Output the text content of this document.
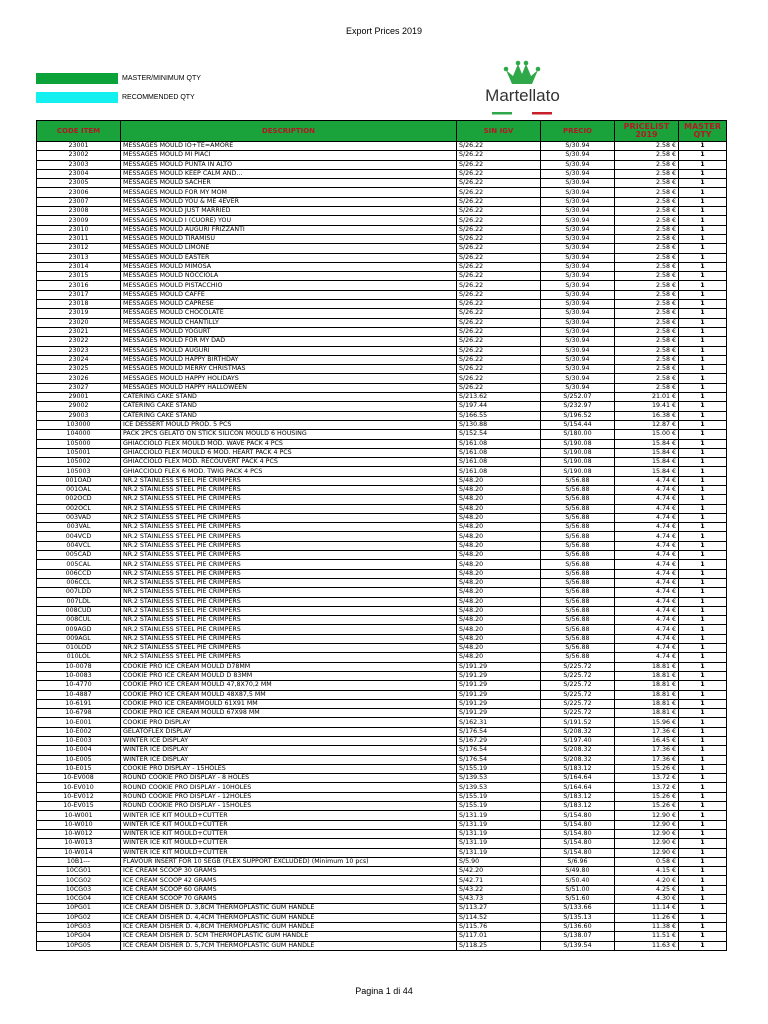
Export Prices 2019
MASTER/MINIMUM QTY
RECOMMENDED QTY	Martellato
CODE ITEM	DESCRIPTION	SIN IGV	PRECIO	PRICELIST 2019	MASTER QTY
23001	MESSAGES MOULD IO+TE=AMORE	S/26.22	S/30.94	2.58 €	1
23002	MESSAGES MOULD MI PIACI	S/26.22	S/30.94	2.58 €	1
23003	MESSAGES MOULD PUNTA IN ALTO	S/26.22	S/30.94	2.58 €	1
23004	MESSAGES MOULD KEEP CALM AND...	S/26.22	S/30.94	2.58 €	1
23005	MESSAGES MOULD SACHER	S/26.22	S/30.94	2.58 €	1
23006	MESSAGES MOULD FOR MY MOM	S/26.22	S/30.94	2.58 €	1
23007	MESSAGES MOULD YOU & ME 4EVER	S/26.22	S/30.94	2.58 €	1
23008	MESSAGES MOULD JUST MARRIED	S/26.22	S/30.94	2.58 €	1
23009	MESSAGES MOULD I (CUORE) YOU	S/26.22	S/30.94	2.58 €	1
23010	MESSAGES MOULD AUGURI FRIZZANTI	S/26.22	S/30.94	2.58 €	1
23011	MESSAGES MOULD TIRAMISU	S/26.22	S/30.94	2.58 €	1
23012	MESSAGES MOULD LIMONE	S/26.22	S/30.94	2.58 €	1
23013	MESSAGES MOULD EASTER	S/26.22	S/30.94	2.58 €	1
23014	MESSAGES MOULD MIMOSA	S/26.22	S/30.94	2.58 €	1
23015	MESSAGES MOULD NOCCIOLA	S/26.22	S/30.94	2.58 €	1
23016	MESSAGES MOULD PISTACCHIO	S/26.22	S/30.94	2.58 €	1
23017	MESSAGES MOULD CAFFÈ	S/26.22	S/30.94	2.58 €	1
23018	MESSAGES MOULD CAPRESE	S/26.22	S/30.94	2.58 €	1
23019	MESSAGES MOULD CHOCOLATE	S/26.22	S/30.94	2.58 €	1
23020	MESSAGES MOULD CHANTILLY	S/26.22	S/30.94	2.58 €	1
23021	MESSAGES MOULD YOGURT	S/26.22	S/30.94	2.58 €	1
23022	MESSAGES MOULD FOR MY DAD	S/26.22	S/30.94	2.58 €	1
23023	MESSAGES MOULD AUGURI	S/26.22	S/30.94	2.58 €	1
23024	MESSAGES MOULD HAPPY BIRTHDAY	S/26.22	S/30.94	2.58 €	1
23025	MESSAGES MOULD MERRY CHRISTMAS	S/26.22	S/30.94	2.58 €	1
23026	MESSAGES MOULD HAPPY HOLIDAYS	S/26.22	S/30.94	2.58 €	1
23027	MESSAGES MOULD HAPPY HALLOWEEN	S/26.22	S/30.94	2.58 €	1
29001	CATERING CAKE STAND	S/213.62	S/252.07	21.01 €	1
29002	CATERING CAKE STAND	S/197.44	S/232.97	19.41 €	1
29003	CATERING CAKE STAND	S/166.55	S/196.52	16.38 €	1
103000	ICE DESSERT MOULD PROD. 5 PCS	S/130.88	S/154.44	12.87 €	1
104000	PACK 2PCS GELATO ON STICK SILICON MOULD 6 HOUSING	S/152.54	S/180.00	15.00 €	1
105000	GHIACCIOLO FLEX MOULD MOD. WAVE PACK 4 PCS	S/161.08	S/190.08	15.84 €	1
105001	GHIACCIOLO FLEX MOULD 6 MOD. HEART PACK 4 PCS	S/161.08	S/190.08	15.84 €	1
105002	GHIACCIOLO FLEX MOD. RECOUVERT PACK 4 PCS	S/161.08	S/190.08	15.84 €	1
105003	GHIACCIOLO FLEX 6 MOD. TWIG PACK 4 PCS	S/161.08	S/190.08	15.84 €	1
001OAD	NR.2 STAINLESS STEEL PIE CRIMPERS	S/48.20	S/56.88	4.74 €	1
001OAL	NR.2 STAINLESS STEEL PIE CRIMPERS	S/48.20	S/56.88	4.74 €	1
002OCD	NR.2 STAINLESS STEEL PIE CRIMPERS	S/48.20	S/56.88	4.74 €	1
002OCL	NR.2 STAINLESS STEEL PIE CRIMPERS	S/48.20	S/56.88	4.74 €	1
003VAD	NR.2 STAINLESS STEEL PIE CRIMPERS	S/48.20	S/56.88	4.74 €	1
003VAL	NR.2 STAINLESS STEEL PIE CRIMPERS	S/48.20	S/56.88	4.74 €	1
004VCD	NR.2 STAINLESS STEEL PIE CRIMPERS	S/48.20	S/56.88	4.74 €	1
004VCL	NR.2 STAINLESS STEEL PIE CRIMPERS	S/48.20	S/56.88	4.74 €	1
005CAD	NR.2 STAINLESS STEEL PIE CRIMPERS	S/48.20	S/56.88	4.74 €	1
005CAL	NR.2 STAINLESS STEEL PIE CRIMPERS	S/48.20	S/56.88	4.74 €	1
006CCD	NR.2 STAINLESS STEEL PIE CRIMPERS	S/48.20	S/56.88	4.74 €	1
006CCL	NR.2 STAINLESS STEEL PIE CRIMPERS	S/48.20	S/56.88	4.74 €	1
007LDD	NR.2 STAINLESS STEEL PIE CRIMPERS	S/48.20	S/56.88	4.74 €	1
007LDL	NR.2 STAINLESS STEEL PIE CRIMPERS	S/48.20	S/56.88	4.74 €	1
008CUD	NR.2 STAINLESS STEEL PIE CRIMPERS	S/48.20	S/56.88	4.74 €	1
008CUL	NR.2 STAINLESS STEEL PIE CRIMPERS	S/48.20	S/56.88	4.74 €	1
009AGD	NR.2 STAINLESS STEEL PIE CRIMPERS	S/48.20	S/56.88	4.74 €	1
009AGL	NR.2 STAINLESS STEEL PIE CRIMPERS	S/48.20	S/56.88	4.74 €	1
010LOD	NR.2 STAINLESS STEEL PIE CRIMPERS	S/48.20	S/56.88	4.74 €	1
010LOL	NR.2 STAINLESS STEEL PIE CRIMPERS	S/48.20	S/56.88	4.74 €	1
10-0078	COOKIE PRO ICE CREAM MOULD D78MM	S/191.29	S/225.72	18.81 €	1
10-0083	COOKIE PRO ICE CREAM MOULD D 83MM	S/191.29	S/225.72	18.81 €	1
10-4770	COOKIE PRO ICE CREAM MOULD 47,8X70,2 MM	S/191.29	S/225.72	18.81 €	1
10-4887	COOKIE PRO ICE CREAM MOULD 48X87,5 MM	S/191.29	S/225.72	18.81 €	1
10-6191	COOKIE PRO ICE CREAMMOULD 61X91 MM	S/191.29	S/225.72	18.81 €	1
10-6798	COOKIE PRO ICE CREAM MOULD 67X98 MM	S/191.29	S/225.72	18.81 €	1
10-E001	COOKIE PRO DISPLAY	S/162.31	S/191.52	15.96 €	1
10-E002	GELATOFLEX DISPLAY	S/176.54	S/208.32	17.36 €	1
10-E003	WINTER ICE DISPLAY	S/167.29	S/197.40	16.45 €	1
10-E004	WINTER ICE DISPLAY	S/176.54	S/208.32	17.36 €	1
10-E005	WINTER ICE DISPLAY	S/176.54	S/208.32	17.36 €	1
10-E015	COOKIE PRO DISPLAY - 15HOLES	S/155.19	S/183.12	15.26 €	1
10-EV008	ROUND COOKIE PRO DISPLAY - 8 HOLES	S/139.53	S/164.64	13.72 €	1
10-EV010	ROUND COOKIE PRO DISPLAY - 10HOLES	S/139.53	S/164.64	13.72 €	1
10-EV012	ROUND COOKIE PRO DISPLAY - 12HOLES	S/155.19	S/183.12	15.26 €	1
10-EV015	ROUND COOKIE PRO DISPLAY - 15HOLES	S/155.19	S/183.12	15.26 €	1
10-W001	WINTER ICE KIT MOULD+CUTTER	S/131.19	S/154.80	12.90 €	1
10-W010	WINTER ICE KIT MOULD+CUTTER	S/131.19	S/154.80	12.90 €	1
10-W012	WINTER ICE KIT MOULD+CUTTER	S/131.19	S/154.80	12.90 €	1
10-W013	WINTER ICE KIT MOULD+CUTTER	S/131.19	S/154.80	12.90 €	1
10-W014	WINTER ICE KIT MOULD+CUTTER	S/131.19	S/154.80	12.90 €	1
10B1---	FLAVOUR INSERT FOR 10 SEGB (FLEX SUPPORT EXCLUDED) (Minimum 10 pcs)	S/5.90	S/6.96	0.58 €	1
10CG01	ICE CREAM SCOOP 30 GRAMS	S/42.20	S/49.80	4.15 €	1
10CG02	ICE CREAM SCOOP 42 GRAMS	S/42.71	S/50.40	4.20 €	1
10CG03	ICE CREAM SCOOP 60 GRAMS	S/43.22	S/51.00	4.25 €	1
10CG04	ICE CREAM SCOOP 70 GRAMS	S/43.73	S/51.60	4.30 €	1
10PG01	ICE CREAM DISHER D. 3,8CM THERMOPLASTIC GUM HANDLE	S/113.27	S/133.66	11.14 €	1
10PG02	ICE CREAM DISHER D. 4,4CM THERMOPLASTIC GUM HANDLE	S/114.52	S/135.13	11.26 €	1
10PG03	ICE CREAM DISHER D. 4,8CM THERMOPLASTIC GUM HANDLE	S/115.76	S/136.60	11.38 €	1
10PG04	ICE CREAM DISHER D. 5CM THERMOPLASTIC GUM HANDLE	S/117.01	S/138.07	11.51 €	1
10PG05	ICE CREAM DISHER D. 5,7CM THERMOPLASTIC GUM HANDLE	S/118.25	S/139.54	11.63 €	1
Pagina 1 di 44
